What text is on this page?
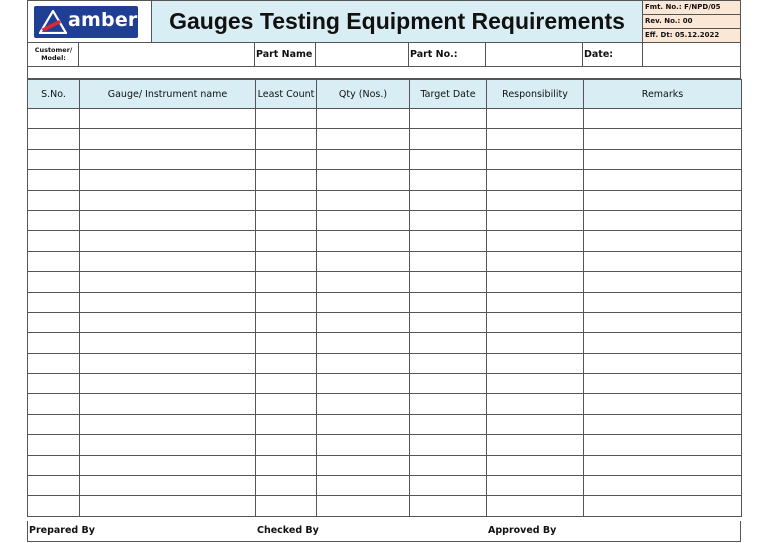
amber	Gauges Testing Equipment Requirements
Fmt. No.: F/NPD/05
Rev. No.: 00
Eff. Dt: 05.12.2022
Customer/
Model:	Part Name	Part No.:	Date:
S.No.	Gauge/ Instrument name	Least Count	Qty (Nos.)	Target Date	Responsibility	Remarks

Prepared By	Checked By	Approved By
